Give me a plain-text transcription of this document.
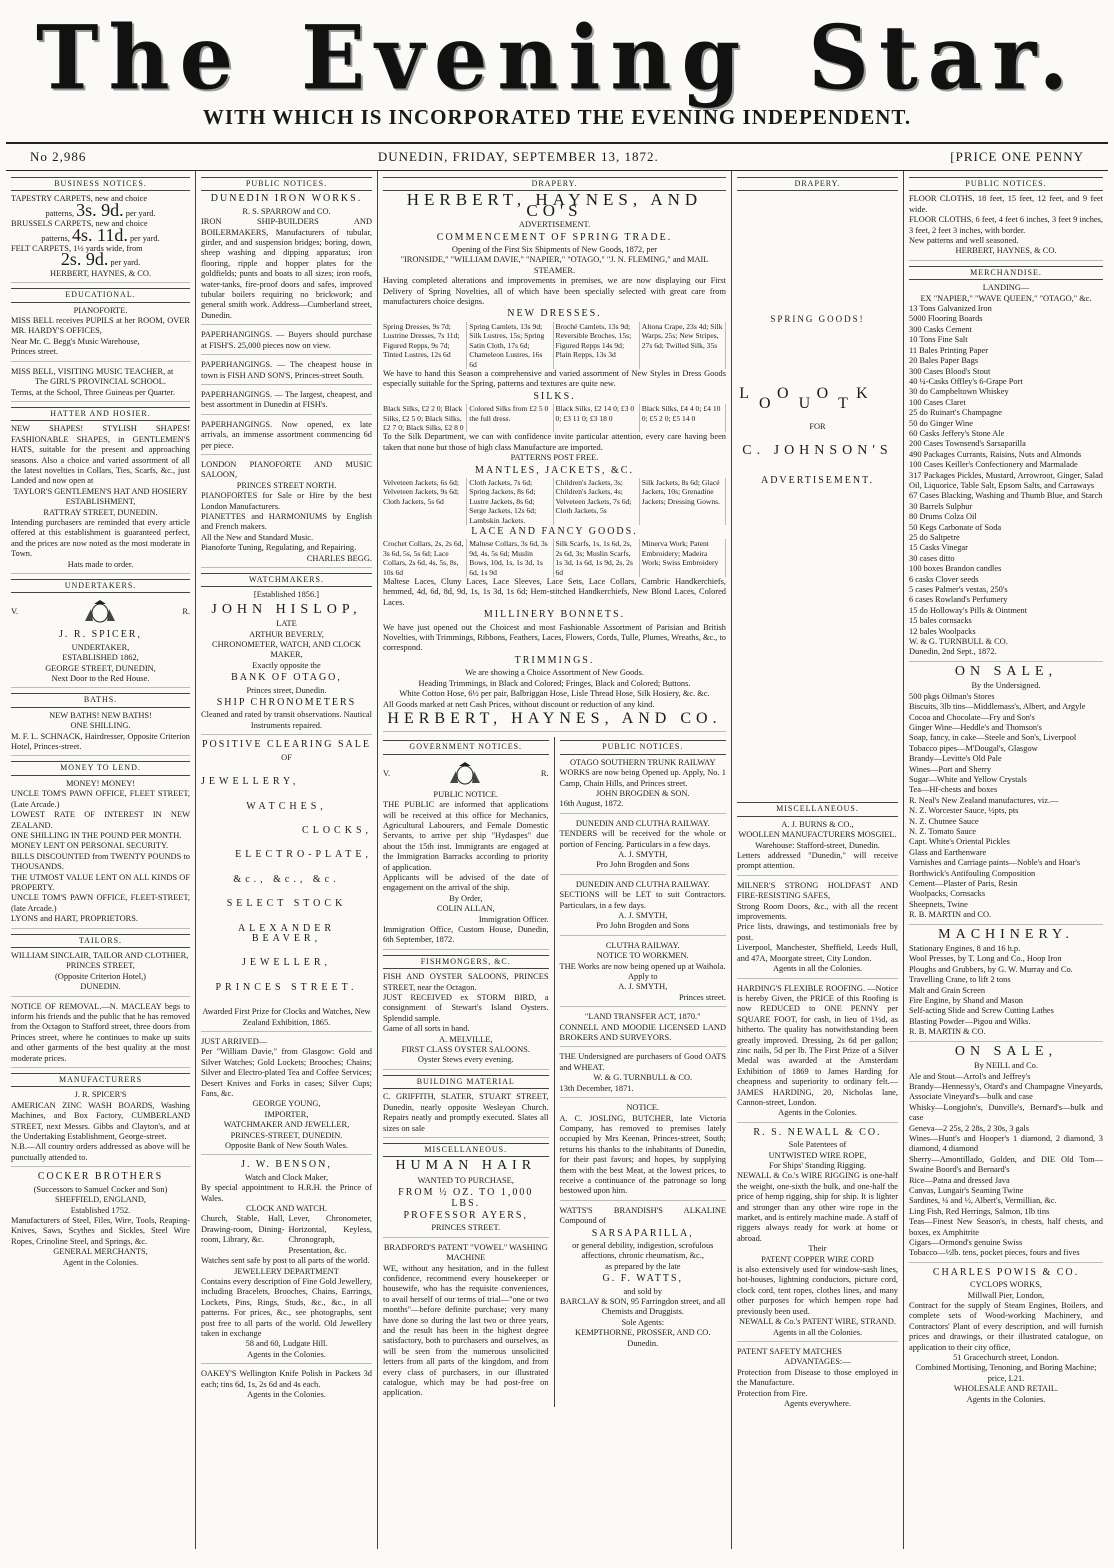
The Evening Star.
WITH WHICH IS INCORPORATED THE EVENING INDEPENDENT.
No 2,986	DUNEDIN, FRIDAY, SEPTEMBER 13, 1872.	[PRICE ONE PENNY
BUSINESS NOTICES.

TAPESTRY CARPETS, new and choice

patterns, 3s. 9d. per yard.

BRUSSELS CARPETS, new and choice

patterns, 4s. 11d. per yard.

FELT CARPETS, 1½ yards wide, from

2s. 9d. per yard.

HERBERT, HAYNES, & CO.

EDUCATIONAL.

PIANOFORTE.

MISS BELL receives PUPILS at her ROOM, OVER MR. HARDY'S OFFICES,

Near Mr. C. Begg's Music Warehouse,

Princes street.

MISS BELL, VISITING MUSIC TEACHER, at

The GIRL'S PROVINCIAL SCHOOL.

Terms, at the School, Three Guineas per Quarter.

HATTER AND HOSIER.

NEW SHAPES! STYLISH SHAPES! FASHIONABLE SHAPES, in GENTLEMEN'S HATS, suitable for the present and approaching seasons. Also a choice and varied assortment of all the latest novelties in Collars, Ties, Scarfs, &c., just Landed and now open at

TAYLOR'S GENTLEMEN'S HAT AND HOSIERY ESTABLISHMENT,

RATTRAY STREET, DUNEDIN.

Intending purchasers are reminded that every article offered at this establishment is guaranteed perfect, and the prices are now noted as the most moderate in Town.

Hats made to order.

UNDERTAKERS.
V.	R.

J. R. SPICER,

UNDERTAKER,

ESTABLISHED 1862,

GEORGE STREET, DUNEDIN,

Next Door to the Red House.

BATHS.

NEW BATHS! NEW BATHS!

ONE SHILLING.

M. F. L. SCHNACK, Hairdresser, Opposite Criterion Hotel, Princes-street.

MONEY TO LEND.

MONEY! MONEY!

UNCLE TOM'S PAWN OFFICE, FLEET STREET, (Late Arcade.)

LOWEST RATE OF INTEREST IN NEW ZEALAND.

ONE SHILLING IN THE POUND PER MONTH.

MONEY LENT ON PERSONAL SECURITY.

BILLS DISCOUNTED from TWENTY POUNDS to THOUSANDS.

THE UTMOST VALUE LENT ON ALL KINDS OF PROPERTY.

UNCLE TOM'S PAWN OFFICE, FLEET-STREET, (late Arcade.)

LYONS and HART, PROPRIETORS.

TAILORS.

WILLIAM SINCLAIR, TAILOR AND CLOTHIER,

PRINCES STREET,

(Opposite Criterion Hotel,)

DUNEDIN.

NOTICE OF REMOVAL.—N. MACLEAY begs to inform his friends and the public that he has removed from the Octagon to Stafford street, three doors from Princes street, where he continues to make up suits and other garments of the best quality at the most moderate prices.

MANUFACTURERS

J. R. SPICER'S

AMERICAN ZINC WASH BOARDS, Washing Machines, and Box Factory, CUMBERLAND STREET, next Messrs. Gibbs and Clayton's, and at the Undertaking Establishment, George-street.

N.B.—All country orders addressed as above will be punctually attended to.

COCKER BROTHERS

(Successors to Samuel Cocker and Son)

SHEFFIELD, ENGLAND,

Established 1752.

Manufacturers of Steel, Files, Wire, Tools, Reaping-Knives, Saws, Scythes and Sickles, Steel Wire Ropes, Crinoline Steel, and Springs, &c.

GENERAL MERCHANTS,

Agent in the Colonies.

PUBLIC NOTICES.

DUNEDIN IRON WORKS.

R. S. SPARROW and CO.

IRON SHIP-BUILDERS AND BOILERMAKERS, Manufacturers of tubular, girder, and and suspension bridges; boring, down, sheep washing and dipping apparatus; iron flooring, ripple and hopper plates for the goldfields; punts and boats to all sizes; iron roofs, water-tanks, fire-proof doors and safes, improved tubular boilers requiring no brickwork; and general smith work. Address—Cumberland street, Dunedin.

PAPERHANGINGS. — Buyers should purchase at FISH'S. 25,000 pieces now on view.

PAPERHANGINGS. — The cheapest house in town is FISH AND SON'S, Princes-street South.

PAPERHANGINGS. — The largest, cheapest, and best assortment in Dunedin at FISH's.

PAPERHANGINGS. Now opened, ex late arrivals, an immense assortment commencing 6d per piece.

LONDON PIANOFORTE AND MUSIC SALOON,

PRINCES STREET NORTH.

PIANOFORTES for Sale or Hire by the best London Manufacturers.

PIANETTES and HARMONIUMS by English and French makers.

All the New and Standard Music.

Pianoforte Tuning, Regulating, and Repairing.

CHARLES BEGG.

WATCHMAKERS.

[Established 1856.]

JOHN HISLOP,

LATE

ARTHUR BEVERLY,

CHRONOMETER, WATCH, AND CLOCK MAKER,

Exactly opposite the

BANK OF OTAGO,

Princes street, Dunedin.

SHIP CHRONOMETERS

Cleaned and rated by transit observations. Nautical Instruments repaired.

POSITIVE CLEARING SALE

OF

JEWELLERY,

WATCHES,

CLOCKS,

ELECTRO-PLATE,

&c., &c., &c.

SELECT STOCK

ALEXANDER BEAVER,

JEWELLER,

PRINCES STREET.

Awarded First Prize for Clocks and Watches, New Zealand Exhibition, 1865.

JUST ARRIVED—

Per "William Davie," from Glasgow: Gold and Silver Watches; Gold Lockets; Brooches; Chains; Silver and Electro-plated Tea and Coffee Services; Desert Knives and Forks in cases; Silver Cups; Fans, &c.

GEORGE YOUNG,

IMPORTER,

WATCHMAKER AND JEWELLER,

PRINCES-STREET, DUNEDIN.

Opposite Bank of New South Wales.

J. W. BENSON,

Watch and Clock Maker,

By special appointment to H.R.H. the Prince of Wales.

CLOCK AND WATCH.

Church, Stable, Hall, Drawing-room, Dining-room, Library, &c.

Lever, Chronometer, Horizontal, Keyless, Chronograph, Presentation, &c.

Watches sent safe by post to all parts of the world.

JEWELLERY DEPARTMENT

Contains every description of Fine Gold Jewellery, including Bracelets, Brooches, Chains, Earrings, Lockets, Pins, Rings, Studs, &c., &c., in all patterns. For prices, &c., see photographs, sent post free to all parts of the world. Old Jewellery taken in exchange

58 and 60, Ludgate Hill.

Agents in the Colonies.

OAKEY'S Wellington Knife Polish in Packets 3d each; tins 6d, 1s, 2s 6d and 4s each.

Agents in the Colonies.

DRAPERY.

HERBERT, HAYNES, AND CO'S

ADVERTISEMENT.

COMMENCEMENT OF SPRING TRADE.

Opening of the First Six Shipments of New Goods, 1872, per

"IRONSIDE," "WILLIAM DAVIE," "NAPIER," "OTAGO," "J. N. FLEMING," and MAIL STEAMER.

Having completed alterations and improvements in premises, we are now displaying our First Delivery of Spring Novelties, all of which have been specially selected with great care from manufacturers choice designs.

NEW DRESSES.

Spring Dresses, 9s 7d; Lustrine Dresses, 7s 11d; Figured Repps, 9s 7d; Tinted Lustres, 12s 6d
Spring Camlets, 13s 9d; Silk Lustres, 15s; Spring Satin Cloth, 17s 6d; Chameleon Lustres, 16s 6d
Broché Camlets, 13s 9d; Reversible Broches, 15s; Figured Repps 14s 9d; Plain Repps, 13s 3d
Altona Crape, 23s 4d; Silk Warps, 25s; New Stripes, 27s 6d; Twilled Silk, 35s

We have to hand this Season a comprehensive and varied assortment of New Styles in Dress Goods especially suitable for the Spring, patterns and textures are quite new.

SILKS.

Black Silks, £2 2 0; Black Silks, £2 5 0; Black Silks, £2 7 0; Black Silks, £2 8 0
Colored Silks from £2 5 0 the full dress.
Black Silks, £2 14 0; £3 0 0; £3 11 0; £3 18 0
Black Silks, £4 4 0; £4 10 0; £5 2 0; £5 14 0

To the Silk Department, we can with confidence invite particular attention, every care having been taken that none but those of high class Manufacture are imported.

PATTERNS POST FREE.

MANTLES, JACKETS, &C.

Velveteen Jackets, 6s 6d; Velveteen Jackets, 9s 6d; Cloth Jackets, 5s 6d
Cloth Jackets, 7s 6d; Spring Jackets, 8s 6d; Lustre Jackets, 8s 6d; Serge Jackets, 12s 6d; Lambskin Jackets.
Children's Jackets, 3s; Children's Jackets, 4s; Velveteen Jackets, 7s 6d; Cloth Jackets, 5s
Silk Jackets, 8s 6d; Glacé Jackets, 10s; Grenadine Jackets; Dressing Gowns.

LACE AND FANCY GOODS.

Crochet Collars, 2s, 2s 6d, 3s 6d, 5s, 5s 6d; Lace Collars, 2s 6d, 4s, 5s, 8s, 10s 6d
Maltese Collars, 3s 6d, 3s 9d, 4s, 5s 6d; Muslin Bows, 10d, 1s, 1s 3d, 1s 6d, 1s 9d
Silk Scarfs, 1s, 1s 6d, 2s, 2s 6d, 3s; Muslin Scarfs, 1s 3d, 1s 6d, 1s 9d, 2s, 2s 6d
Minerva Work; Patent Embroidery; Madeira Work; Swiss Embroidery

Maltese Laces, Cluny Laces, Lace Sleeves, Lace Sets, Lace Collars, Cambric Handkerchiefs, hemmed, 4d, 6d, 8d, 9d, 1s, 1s 3d, 1s 6d; Hem-stitched Handkerchiefs, New Blond Laces, Colored Laces.

MILLINERY BONNETS.

We have just opened out the Choicest and most Fashionable Assortment of Parisian and British Novelties, with Trimmings, Ribbons, Feathers, Laces, Flowers, Cords, Tulle, Plumes, Wreaths, &c., to correspond.

TRIMMINGS.

We are showing a Choice Assortment of New Goods.

Heading Trimmings, in Black and Colored; Fringes, Black and Colored; Buttons.

White Cotton Hose, 6½ per pair, Balbriggan Hose, Lisle Thread Hose, Silk Hosiery, &c. &c.

All Goods marked at nett Cash Prices, without discount or reduction of any kind.

HERBERT, HAYNES, AND CO.

GOVERNMENT NOTICES.
V.	R.

PUBLIC NOTICE.

THE PUBLIC are informed that applications will be received at this office for Mechanics, Agricultural Labourers, and Female Domestic Servants, to arrive per ship "Hydaspes" due about the 15th inst. Immigrants are engaged at the Immigration Barracks according to priority of application.

Applicants will be advised of the date of engagement on the arrival of the ship.

By Order,

COLIN ALLAN,

Immigration Officer.

Immigration Office, Custom House, Dunedin, 6th September, 1872.

FISHMONGERS, &C.

FISH AND OYSTER SALOONS, PRINCES STREET, near the Octagon.

JUST RECEIVED ex STORM BIRD, a consignment of Stewart's Island Oysters. Splendid sample.

Game of all sorts in hand.

A. MELVILLE,

FIRST CLASS OYSTER SALOONS.

Oyster Stews every evening.

BUILDING MATERIAL

C. GRIFFITH, SLATER, STUART STREET, Dunedin, nearly opposite Wesleyan Church. Repairs neatly and promptly executed. Slates all sizes on sale

MISCELLANEOUS.

HUMAN HAIR

WANTED TO PURCHASE,

FROM ½ OZ. TO 1,000 LBS.

PROFESSOR AYERS,

PRINCES STREET.

BRADFORD'S PATENT "VOWEL" WASHING MACHINE

WE, without any hesitation, and in the fullest confidence, recommend every housekeeper or housewife, who has the requisite conveniences, to avail herself of our terms of trial—"one or two months"—before definite purchase; very many have done so during the last two or three years, and the result has been in the highest degree satisfactory, both to purchasers and ourselves, as will be seen from the numerous unsolicited letters from all parts of the kingdom, and from every class of purchasers, in our illustrated catalogue, which may be had post-free on application.

PUBLIC NOTICES.

OTAGO SOUTHERN TRUNK RAILWAY

WORKS are now being Opened up. Apply, No. 1 Camp, Chain Hills, and Princes street.

JOHN BROGDEN & SON.

16th August, 1872.

DUNEDIN AND CLUTHA RAILWAY.

TENDERS will be received for the whole or portion of Fencing. Particulars in a few days.

A. J. SMYTH,

Pro John Brogden and Sons

DUNEDIN AND CLUTHA RAILWAY.

SECTIONS will be LET to suit Contractors. Particulars, in a few days.

A. J. SMYTH,

Pro John Brogden and Sons

CLUTHA RAILWAY.

NOTICE TO WORKMEN.

THE Works are now being opened up at Waihola.

Apply to

A. J. SMYTH,

Princes street.

"LAND TRANSFER ACT, 1870."

CONNELL AND MOODIE LICENSED LAND BROKERS AND SURVEYORS.

THE Undersigned are purchasers of Good OATS and WHEAT.

W. & G. TURNBULL & CO.

13th December, 1871.

NOTICE.

A. C. JOSLING, BUTCHER, late Victoria Company, has removed to premises lately occupied by Mrs Keenan, Princes-street, South; returns his thanks to the inhabitants of Dunedin, for their past favors; and hopes, by supplying them with the best Meat, at the lowest prices, to receive a continuance of the patronage so long bestowed upon him.

WATTS'S BRANDISH'S ALKALINE Compound of

SARSAPARILLA,

or general debility, indigestion, scrofulous affections, chronic rheumatism, &c.,

as prepared by the late

G. F. WATTS,

and sold by

BARCLAY & SON, 95 Farringdon street, and all Chemists and Druggists.

Sole Agents:

KEMPTHORNE, PROSSER, AND CO.

Dunedin.

DRAPERY.

SPRING GOODS!

LOOK OUT

FOR

C. JOHNSON'S

ADVERTISEMENT.

MISCELLANEOUS.

A. J. BURNS & CO.,

WOOLLEN MANUFACTURERS MOSGIEL.

Warehouse: Stafford-street, Dunedin.

Letters addressed "Dunedin," will receive prompt attention.

MILNER'S STRONG HOLDFAST AND FIRE-RESISTING SAFES,

Strong Room Doors, &c., with all the recent improvements.

Price lists, drawings, and testimonials free by post.

Liverpool, Manchester, Sheffield, Leeds Hull, and 47A, Moorgate street, City London.

Agents in all the Colonies.

HARDING'S FLEXIBLE ROOFING. —Notice is hereby Given, the PRICE of this Roofing is now REDUCED to ONE PENNY per SQUARE FOOT, for cash, in lieu of 1½d, as hitherto. The quality has notwithstanding been greatly improved. Dressing, 2s 6d per gallon; zinc nails, 5d per lb. The First Prize of a Silver Medal was awarded at the Amsterdam Exhibition of 1869 to James Harding for cheapness and superiority to ordinary felt.—JAMES HARDING, 20, Nicholas lane, Cannon-street, London.

Agents in the Colonies.

R. S. NEWALL & CO.

Sole Patentees of

UNTWISTED WIRE ROPE,

For Ships' Standing Rigging.

NEWALL & Co.'s WIRE RIGGING is one-half the weight, one-sixth the bulk, and one-half the price of hemp rigging, ship for ship. It is lighter and stronger than any other wire rope in the market, and is entirely machine made. A staff of riggers always ready for work at home or abroad.

Their

PATENT COPPER WIRE CORD

is also extensively used for window-sash lines, hot-houses, lightning conductors, picture cord, clock cord, tent ropes, clothes lines, and many other purposes for which hempen rope had previously been used.

NEWALL & Co.'s PATENT WIRE, STRAND.

Agents in all the Colonies.

PATENT SAFETY MATCHES

ADVANTAGES:—

Protection from Disease to those employed in the Manufacture.

Protection from Fire.

Agents everywhere.

PUBLIC NOTICES.

FLOOR CLOTHS, 18 feet, 15 feet, 12 feet, and 9 feet wide.

FLOOR CLOTHS, 6 feet, 4 feet 6 inches, 3 feet 9 inches, 3 feet, 2 feet 3 inches, with border.

New patterns and well seasoned.

HERBERT, HAYNES, & CO.

MERCHANDISE.

LANDING—

EX "NAPIER," "WAVE QUEEN," "OTAGO," &c.

13 Tons Galvanized Iron

5000 Flooring Boards

300 Casks Cement

10 Tons Fine Salt

11 Bales Printing Paper

20 Bales Paper Bags

300 Cases Blood's Stout

40 ¼-Casks Offley's 6-Grape Port

30 do Campbeltown Whiskey

100 Cases Claret

25 do Ruinart's Champagne

50 do Ginger Wine

60 Casks Jeffery's Stone Ale

200 Cases Townsend's Sarsaparilla

490 Packages Currants, Raisins, Nuts and Almonds

100 Cases Keiller's Confectionery and Marmalade

317 Packages Pickles, Mustard, Arrowroot, Ginger, Salad Oil, Liquorice, Table Salt, Epsom Salts, and Carraways

67 Cases Blacking, Washing and Thumb Blue, and Starch

30 Barrels Sulphur

80 Drums Colza Oil

50 Kegs Carbonate of Soda

25 do Saltpetre

15 Casks Vinegar

30 cases ditto

100 boxes Brandon candles

6 casks Clover seeds

5 cases Palmer's vestas, 250's

6 cases Rowland's Perfumery

15 do Holloway's Pills & Ointment

15 bales cornsacks

12 bales Woolpacks

W. & G. TURNBULL & CO.

Dunedin, 2nd Sept., 1872.

ON SALE,

By the Undersigned.

500 pkgs Oilman's Stores

Biscuits, 3lb tins—Middlemass's, Albert, and Argyle

Cocoa and Chocolate—Fry and Son's

Ginger Wine—Heddle's and Thomson's

Soap, fancy, in cake—Steele and Son's, Liverpool

Tobacco pipes—M'Dougal's, Glasgow

Brandy—Levitte's Old Pale

Wines—Port and Sherry

Sugar—White and Yellow Crystals

Tea—Hf-chests and boxes

R. Neal's New Zealand manufactures, viz.—

N. Z. Worcester Sauce, ½pts, pts

N. Z. Chutnee Sauce

N. Z. Tomato Sauce

Capt. White's Oriental Pickles

Glass and Earthenware

Varnishes and Carriage paints—Noble's and Hoar's

Borthwick's Antifouling Composition

Cement—Plaster of Paris, Resin

Woolpacks, Cornsacks

Sheepnets, Twine

R. B. MARTIN and CO.

MACHINERY.

Stationary Engines, 8 and 16 h.p.

Wool Presses, by T. Long and Co., Hoop Iron

Ploughs and Grubbers, by G. W. Murray and Co.

Travelling Crane, to lift 2 tons

Malt and Grain Screen

Fire Engine, by Shand and Mason

Self-acting Slide and Screw Cutting Lathes

Blasting Powder—Pigou and Wilks.

R. B. MARTIN & CO.

ON SALE,

By NEILL and Co.

Ale and Stout—Arrol's and Jeffrey's

Brandy—Hennessy's, Otard's and Champagne Vineyards, Associate Vineyard's—bulk and case

Whisky—Longjohn's, Dunville's, Bernard's—bulk and case

Geneva—2 25s, 2 28s, 2 30s, 3 gals

Wines—Hunt's and Hooper's 1 diamond, 2 diamond, 3 diamond, 4 diamond

Sherry—Amontillado, Golden, and DIE Old Tom—Swaine Boord's and Bernard's

Rice—Patna and dressed Java

Canvas, Lungair's Seaming Twine

Sardines, ¼ and ½, Albert's, Vermillian, &c.

Ling Fish, Red Herrings, Salmon, 1lb tins

Teas—Finest New Season's, in chests, half chests, and boxes, ex Amphitrite

Cigars—Ormond's genuine Swiss

Tobacco—½lb. tens, pocket pieces, fours and fives

CHARLES POWIS & CO.

CYCLOPS WORKS,

Millwall Pier, London,

Contract for the supply of Steam Engines, Boilers, and complete sets of Wood-working Machinery, and Contractors' Plant of every description, and will furnish prices and drawings, or their illustrated catalogue, on application to their city office,

51 Gracechurch street, London.

Combined Mortising, Tenoning, and Boring Machine; price, L21.

WHOLESALE AND RETAIL.

Agents in the Colonies.
